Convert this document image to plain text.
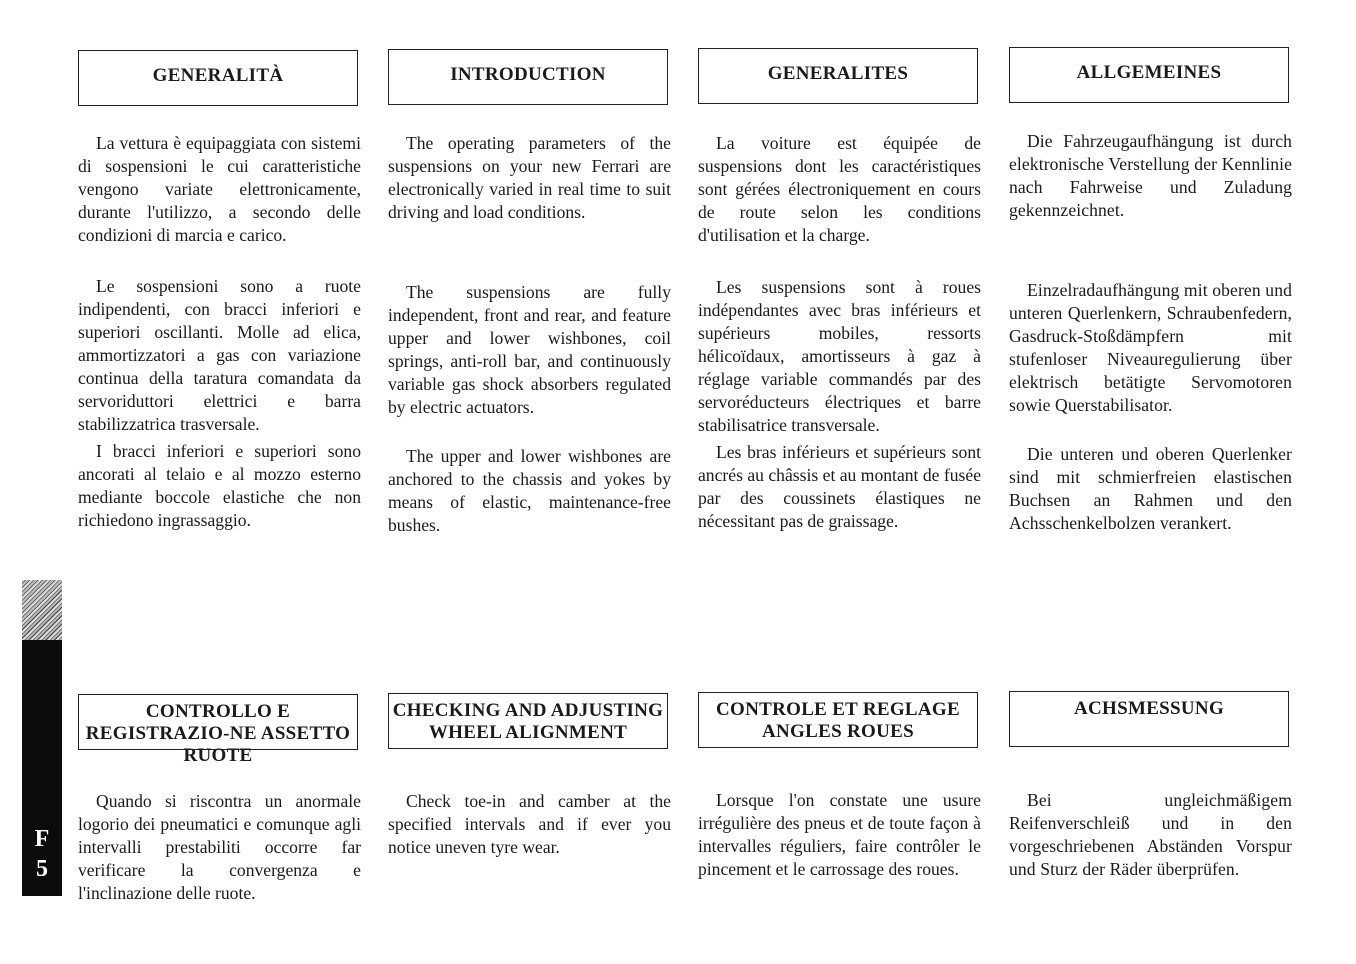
GENERALITÀ	INTRODUCTION	GENERALITES	ALLGEMEINES

La vettura è equipaggiata con sistemi di sospensioni le cui caratteristiche vengono variate elettronicamente, durante l'utilizzo, a secondo delle condizioni di marcia e carico.

Le sospensioni sono a ruote indipendenti, con bracci inferiori e superiori oscillanti. Molle ad elica, ammortizzatori a gas con variazione continua della taratura comandata da servoriduttori elettrici e barra stabilizzatrica trasversale.

I bracci inferiori e superiori sono ancorati al telaio e al mozzo esterno mediante boccole elastiche che non richiedono ingrassaggio.

The operating parameters of the suspensions on your new Ferrari are electronically varied in real time to suit driving and load conditions.

The suspensions are fully independent, front and rear, and feature upper and lower wishbones, coil springs, anti-roll bar, and continuously variable gas shock absorbers regulated by electric actuators.

The upper and lower wishbones are anchored to the chassis and yokes by means of elastic, maintenance-free bushes.

La voiture est équipée de suspensions dont les caractéristiques sont gérées électroniquement en cours de route selon les conditions d'utilisation et la charge.

Les suspensions sont à roues indépendantes avec bras inférieurs et supérieurs mobiles, ressorts hélicoïdaux, amortisseurs à gaz à réglage variable commandés par des servoréducteurs électriques et barre stabilisatrice transversale.

Les bras inférieurs et supérieurs sont ancrés au châssis et au montant de fusée par des coussinets élastiques ne nécessitant pas de graissage.

Die Fahrzeugaufhängung ist durch elektronische Verstellung der Kennlinie nach Fahrweise und Zuladung gekennzeichnet.

Einzelradaufhängung mit oberen und unteren Querlenkern, Schraubenfedern, Gasdruck-Stoßdämpfern mit stufenloser Niveauregulierung über elektrisch betätigte Servomotoren sowie Querstabilisator.

Die unteren und oberen Querlenker sind mit schmierfreien elastischen Buchsen an Rahmen und den Achsschenkelbolzen verankert.

CONTROLLO E REGISTRAZIO-NE ASSETTO RUOTE
CHECKING AND ADJUSTING WHEEL ALIGNMENT
CONTROLE ET REGLAGE ANGLES ROUES
ACHSMESSUNG

Quando si riscontra un anormale logorio dei pneumatici e comunque agli intervalli prestabiliti occorre far verificare la convergenza e l'inclinazione delle ruote.

Check toe-in and camber at the specified intervals and if ever you notice uneven tyre wear.

Lorsque l'on constate une usure irrégulière des pneus et de toute façon à intervalles réguliers, faire contrôler le pincement et le carrossage des roues.

Bei ungleichmäßigem Reifenverschleiß und in den vorgeschriebenen Abständen Vorspur und Sturz der Räder überprüfen.

F
5
